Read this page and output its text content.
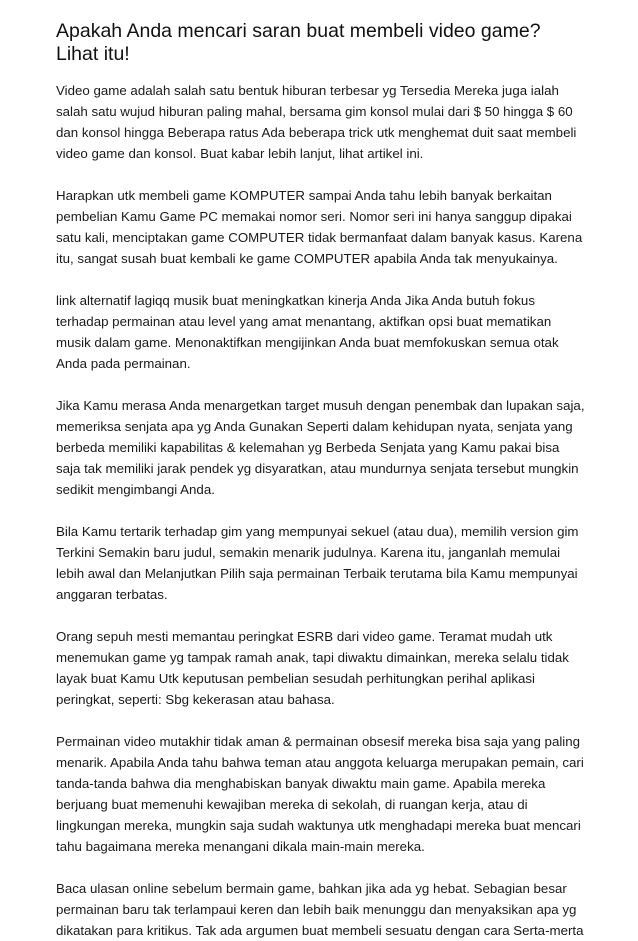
Apakah Anda mencari saran buat membeli video game? Lihat itu!

Video game adalah salah satu bentuk hiburan terbesar yg Tersedia Mereka juga ialah salah satu wujud hiburan paling mahal, bersama gim konsol mulai dari $ 50 hingga $ 60 dan konsol hingga Beberapa ratus Ada beberapa trick utk menghemat duit saat membeli video game dan konsol. Buat kabar lebih lanjut, lihat artikel ini.

Harapkan utk membeli game KOMPUTER sampai Anda tahu lebih banyak berkaitan pembelian Kamu Game PC memakai nomor seri. Nomor seri ini hanya sanggup dipakai satu kali, menciptakan game COMPUTER tidak bermanfaat dalam banyak kasus. Karena itu, sangat susah buat kembali ke game COMPUTER apabila Anda tak menyukainya.

link alternatif lagiqq musik buat meningkatkan kinerja Anda Jika Anda butuh fokus terhadap permainan atau level yang amat menantang, aktifkan opsi buat mematikan musik dalam game. Menonaktifkan mengijinkan Anda buat memfokuskan semua otak Anda pada permainan.

Jika Kamu merasa Anda menargetkan target musuh dengan penembak dan lupakan saja, memeriksa senjata apa yg Anda Gunakan Seperti dalam kehidupan nyata, senjata yang berbeda memiliki kapabilitas & kelemahan yg Berbeda Senjata yang Kamu pakai bisa saja tak memiliki jarak pendek yg disyaratkan, atau mundurnya senjata tersebut mungkin sedikit mengimbangi Anda.

Bila Kamu tertarik terhadap gim yang mempunyai sekuel (atau dua), memilih version gim Terkini Semakin baru judul, semakin menarik judulnya. Karena itu, janganlah memulai lebih awal dan Melanjutkan Pilih saja permainan Terbaik terutama bila Kamu mempunyai anggaran terbatas.

Orang sepuh mesti memantau peringkat ESRB dari video game. Teramat mudah utk menemukan game yg tampak ramah anak, tapi diwaktu dimainkan, mereka selalu tidak layak buat Kamu Utk keputusan pembelian sesudah perhitungkan perihal aplikasi peringkat, seperti: Sbg kekerasan atau bahasa.

Permainan video mutakhir tidak aman & permainan obsesif mereka bisa saja yang paling menarik. Apabila Anda tahu bahwa teman atau anggota keluarga merupakan pemain, cari tanda-tanda bahwa dia menghabiskan banyak diwaktu main game. Apabila mereka berjuang buat memenuhi kewajiban mereka di sekolah, di ruangan kerja, atau di lingkungan mereka, mungkin saja sudah waktunya utk menghadapi mereka buat mencari tahu bagaimana mereka menangani dikala main-main mereka.

Baca ulasan online sebelum bermain game, bahkan jika ada yg hebat. Sebagian besar permainan baru tak terlampaui keren dan lebih baik menunggu dan menyaksikan apa yg dikatakan para kritikus. Tak ada argumen buat membeli sesuatu dengan cara Serta-merta
